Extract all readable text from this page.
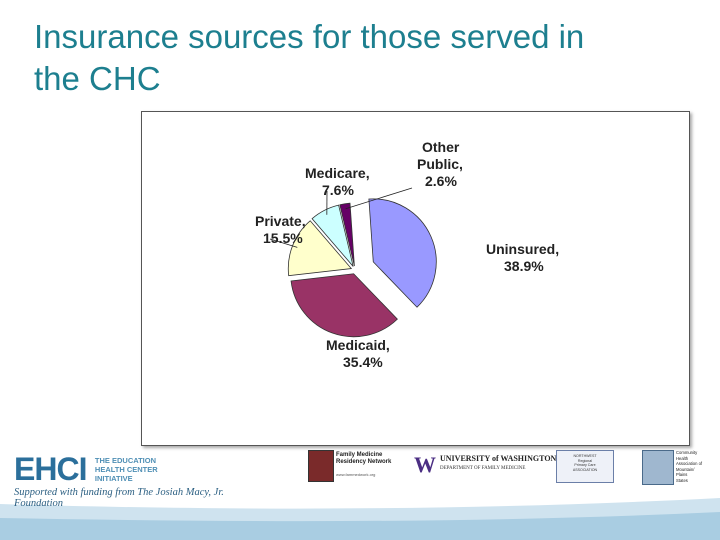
Insurance sources for those served in
the CHC
Uninsured,
38.9%
Medicaid,
35.4%
Private,
15.5%
Medicare,
7.6%
Other
Public,
2.6%
EHCI THE EDUCATION
HEALTH CENTER
INITIATIVE
Supported with funding from The Josiah Macy, Jr. Foundation
Family Medicine
Residency Network
www.fammedwork.org	W UNIVERSITY of WASHINGTON
DEPARTMENT OF FAMILY MEDICINE
NORTHWEST
Regional
Primary Care
ASSOCIATION
Community
Health
Association of
Mountain/
Plains
States
